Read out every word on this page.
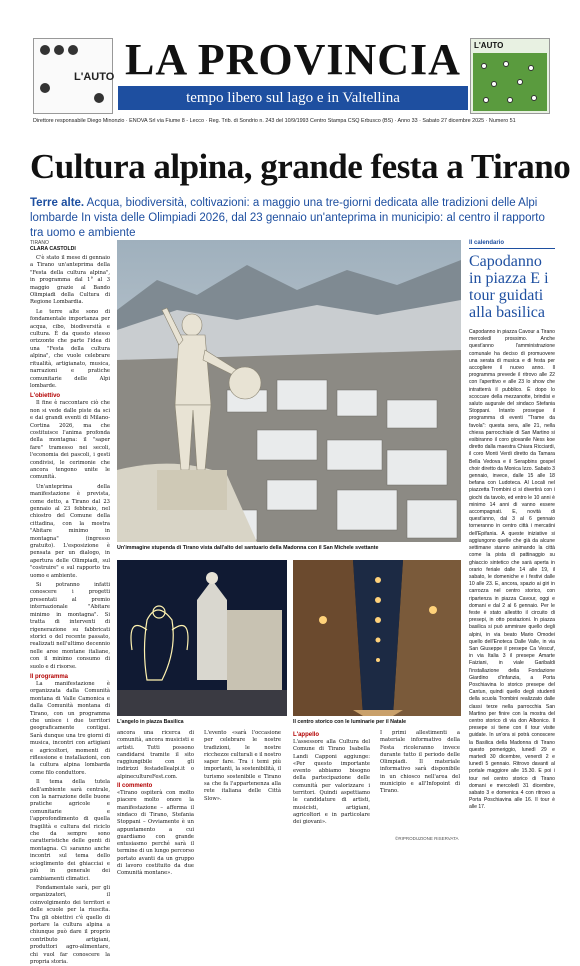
L'AUTO LA PROVINCIA
tempo libero sul lago e in Valtellina
L'AUTO
Direttore responsabile Diego Minonzio · ENOVA Srl via Fiume 8 - Lecco · Reg. Trib. di Sondrio n. 243 del 10/9/1993 Centro Stampa CSQ Erbusco (BS) · Anno 33 · Sabato 27 dicembre 2025 · Numero 51
Cultura alpina, grande festa a Tirano
Terre alte. Acqua, biodiversità, coltivazioni: a maggio una tre-giorni dedicata alle tradizioni delle Alpi lombarde In vista delle Olimpiadi 2026, dal 23 gennaio un'anteprima in municipio: al centro il rapporto tra uomo e ambiente
TIRANO
CLARA CASTOLDI

C'è stato il mese di gennaio a Tirano un'anteprima della "Festa della cultura alpina", in programma dal 1° al 3 maggio grazie al Bando Olimpiadi della Cultura di Regione Lombardia.

Le terre alte sono di fondamentale importanza per acqua, cibo, biodiversità e cultura. È da questo stesso orizzonte che parte l'idea di una "Festa della cultura alpina", che vuole celebrare ritualità, artigianato, musica, narrazioni e pratiche comunitarie delle Alpi lombarde.

L'obiettivo

Il fine è raccontare ciò che non si vede dalle piste da sci e dai grandi eventi di Milano-Cortina 2026, ma che costituisce l'anima profonda della montagna: il "saper fare" tramesso nei secoli, l'economia dei pascoli, i gesti condivisi, le cerimonie che ancora tengono unite le comunità.

Un'anteprima della manifestazione è prevista, come detto, a Tirano dal 23 gennaio al 23 febbraio, nel chiostro del Comune della cittadina, con la mostra "Abitare minimo in montagna" (ingresso gratuito). L'esposizione è pensata per un dialogo, in apertura delle Olimpiadi, sul "costruire" e sul rapporto tra uomo e ambiente.

Si potranno infatti conoscere i progetti presentati al premio internazionale "Abitare minimo in montagna". Si tratta di interventi di rigenerazione su fabbricati storici o del recente passato, realizzati nell'ultimo decennio nelle aree montane italiane, con il minimo consumo di suolo e di risorse.

Il programma

La manifestazione è organizzata dalla Comunità montana di Valle Camonica e dalla Comunità montana di Tirano, con un programma che unisce i due territori geograficamente contigui. Sarà dunque una tre giorni di musica, incontri con artigiani e agricoltori, momenti di riflessione e installazioni, con la cultura alpina lombarda come filo conduttore.

Il tema della tutela dell'ambiente sarà centrale, con la narrazione delle buone pratiche agricole e comunitarie e l'approfondimento di quella fragilità e cultura del riciclo che da sempre sono caratteristiche delle genti di montagna. Ci saranno anche incontri sul tema dello scioglimento dei ghiacciai e più in generale dei cambiamenti climatici.

Fondamentale sarà, per gli organizzatori, il coinvolgimento dei territori e delle scuole per la riuscita. Tra gli obiettivi c'è quello di portare la cultura alpina a chiunque può dare il proprio contributo artigiani, produttori agro-alimentare, chi vuol far conoscere la propria storia.

Un'immagine stupenda di Tirano vista dall'alto del santuario della Madonna con il San Michele svettante
L'angelo in piazza Basilica	Il centro storico con le luminarie per il Natale
ancora una ricerca di comunità, ancora musicisti e artisti. Tutti possono candidarsi tramite il sito raggiungibile con gli indirizzi festadellealpi.it o alpinecultureFest.com.
Il commento
«Tirano ospiterà con molto piacere molto onore la manifestazione – afferma il sindaco di Tirano, Stefania Stoppani – Ovviamente è un appuntamento a cui guardiamo con grande entusiasmo perché sarà il termine di un lungo percorso portato avanti da un gruppo di lavoro costituito da due Comunità montane».
L'evento «sarà l'occasione per celebrare le nostre tradizioni, le nostre ricchezze culturali e il nostro saper fare. Tra i temi più importanti, la sostenibilità, il turismo sostenibile e Tirano sa che fa l'appartenenza alla rete italiana delle Città Slow».
L'appello
L'assessore alla Cultura del Comune di Tirano Isabella Landi Capponi aggiunge: «Per questo importante evento abbiamo bisogno della partecipazione delle comunità per valorizzare i territori. Quindi aspettiamo le candidature di artisti, musicisti, artigiani, agricoltori e in particolare dei giovani».
I primi allestimenti a materiale informativo della Festa ricoleranno invece durante tutto il periodo delle Olimpiadi. Il materiale informativo sarà disponibile in un chiosco nell'area del municipio e all'Infopoint di Tirano.
©RIPRODUZIONE RISERVATA
Il calendario
Capodanno in piazza E i tour guidati alla basilica
Capodanno in piazza Cavour a Tirano mercoledì prossimo. Anche quest'anno l'amministrazione comunale ha deciso di promuovere una serata di musica e di festa per accogliere il nuovo anno. Il programma prevede il ritrovo alle 22 con l'aperitivo e alle 23 lo show che intratterrà il pubblico. È dopo lo scoccare della mezzanotte, brindisi e saluto augurale del sindaco Stefania Stoppani. Intanto prosegue il programma di eventi "Trame da favola": questa sera, alle 21, nella chiesa parrocchiale di San Martino si esibiranno il coro giovanile Ness koe diretto dalla maestra Chiara Ricciardi, il coro Monti Verdi diretto da Tamara Bella Vedova e il Serapbins gospel choir diretto da Monica Izzo. Sabato 3 gennaio, invece, dalle 15 alle 18 befana con Ludoteca. Al Locali nel piazzetta Trombini ci si divertirà con i giochi da tavolo, ed entro le 10 anni è minimo 14 anni di vanno essere accompagnati. E, novità di quest'anno, dal 3 al 6 gennaio torneranno in centro città i mercatini dell'Epifania. A queste iniziative si aggiungono quelle che già da alcune settimane stanno animando la città come la pista di pattinaggio su ghiaccio sintetico che sarà aperta in orario feriale dalle 14 alle 19, il sabato, le domeniche e i festivi dalle 10 alle 23. E, ancora, spazio ai giri in carrozza nel centro storico, con ripartenza in piazza Cavour, oggi e domani e dal 2 al 6 gennaio. Per le feste è stato allestito il circuito di presepi, in otto postazioni. In piazza basilica si può ammirare quello degli alpini, in via beato Mario Omodei quello dell'Enoteca Dalle Valle, in via San Giuseppe il presepe Ca Vescuf, in via Italia 3 il presepe Amarte Faiziani, in viale Garibaldi l'installazione della Fondazione Giardino d'infanzia, a Porta Poschiavina lo storico presepe del Cantun, quindi quello degli studenti della scuola Trombini realizzato dalle classi terze nella parrocchia San Martino per finire con la mostra del centro storico di via don Albonico. Il presepe si tiene con il tour visite guidate. In un'ora si potrà conoscere la Basilica della Madonna di Tirano questo pomeriggio, lunedì 29 e martedì 30 dicembre, venerdì 2 e lunedì 5 gennaio. Ritrovo davanti al portale maggiore alle 15.30. E poi i tour nel centro storico di Tirano domani e mercoledì 31 dicembre, sabato 3 e domenica 4 con ritrovo a Porta Poschiavina alle 16. Il tour è alle 17.
